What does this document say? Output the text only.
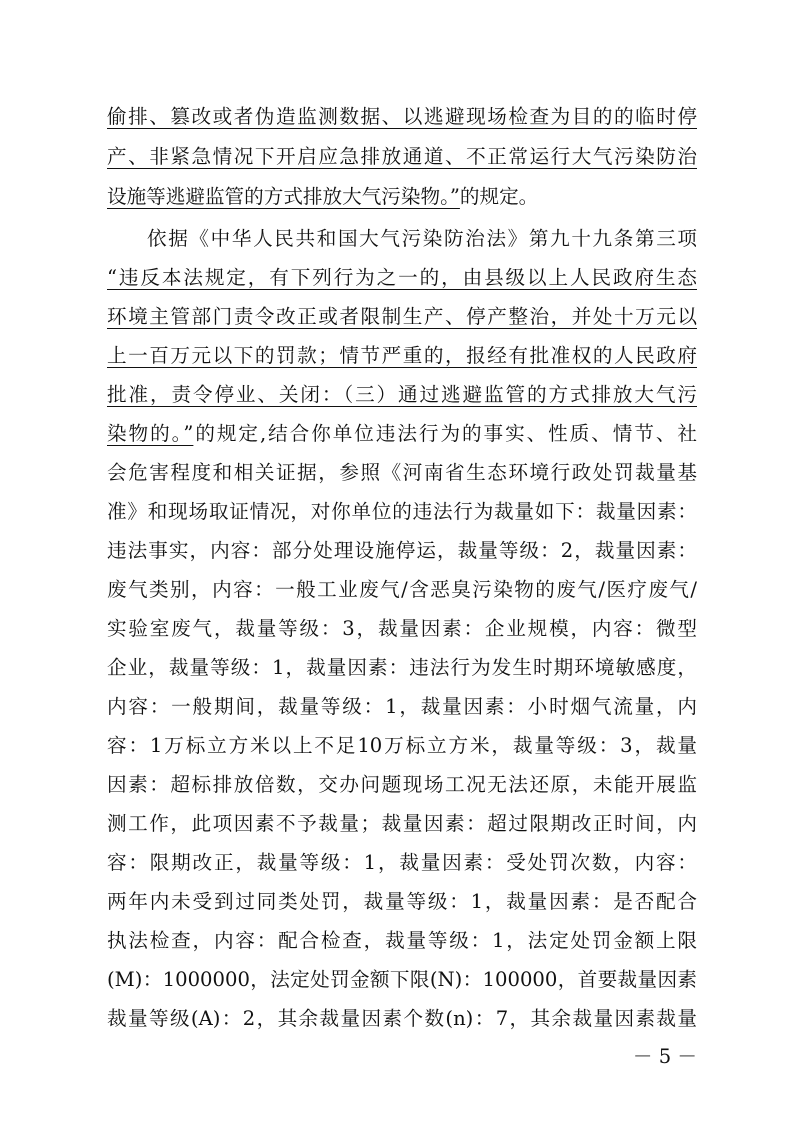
偷排、篡改或者伪造监测数据、以逃避现场检查为目的的临时停
产、非紧急情况下开启应急排放通道、不正常运行大气污染防治
设施等逃避监管的方式排放大气污染物。”的规定。
依据《中华人民共和国大气污染防治法》第九十九条第三项
“违反本法规定，有下列行为之一的，由县级以上人民政府生态
环境主管部门责令改正或者限制生产、停产整治，并处十万元以
上一百万元以下的罚款；情节严重的，报经有批准权的人民政府
批准，责令停业、关闭：（三）通过逃避监管的方式排放大气污
染物的。”的规定,结合你单位违法行为的事实、性质、情节、社
会危害程度和相关证据，参照《河南省生态环境行政处罚裁量基
准》和现场取证情况，对你单位的违法行为裁量如下：裁量因素：
违法事实，内容：部分处理设施停运，裁量等级：2，裁量因素：
废气类别，内容：一般工业废气/含恶臭污染物的废气/医疗废气/
实验室废气，裁量等级：3，裁量因素：企业规模，内容：微型
企业，裁量等级：1，裁量因素：违法行为发生时期环境敏感度，
内容：一般期间，裁量等级：1，裁量因素：小时烟气流量，内
容：1万标立方米以上不足10万标立方米，裁量等级：3，裁量
因素：超标排放倍数，交办问题现场工况无法还原，未能开展监
测工作，此项因素不予裁量；裁量因素：超过限期改正时间，内
容：限期改正，裁量等级：1，裁量因素：受处罚次数，内容：
两年内未受到过同类处罚，裁量等级：1，裁量因素：是否配合
执法检查，内容：配合检查，裁量等级：1，法定处罚金额上限
(M)：1000000，法定处罚金额下限(N)：100000，首要裁量因素
裁量等级(A)：2，其余裁量因素个数(n)：7，其余裁量因素裁量
－ 5 －
